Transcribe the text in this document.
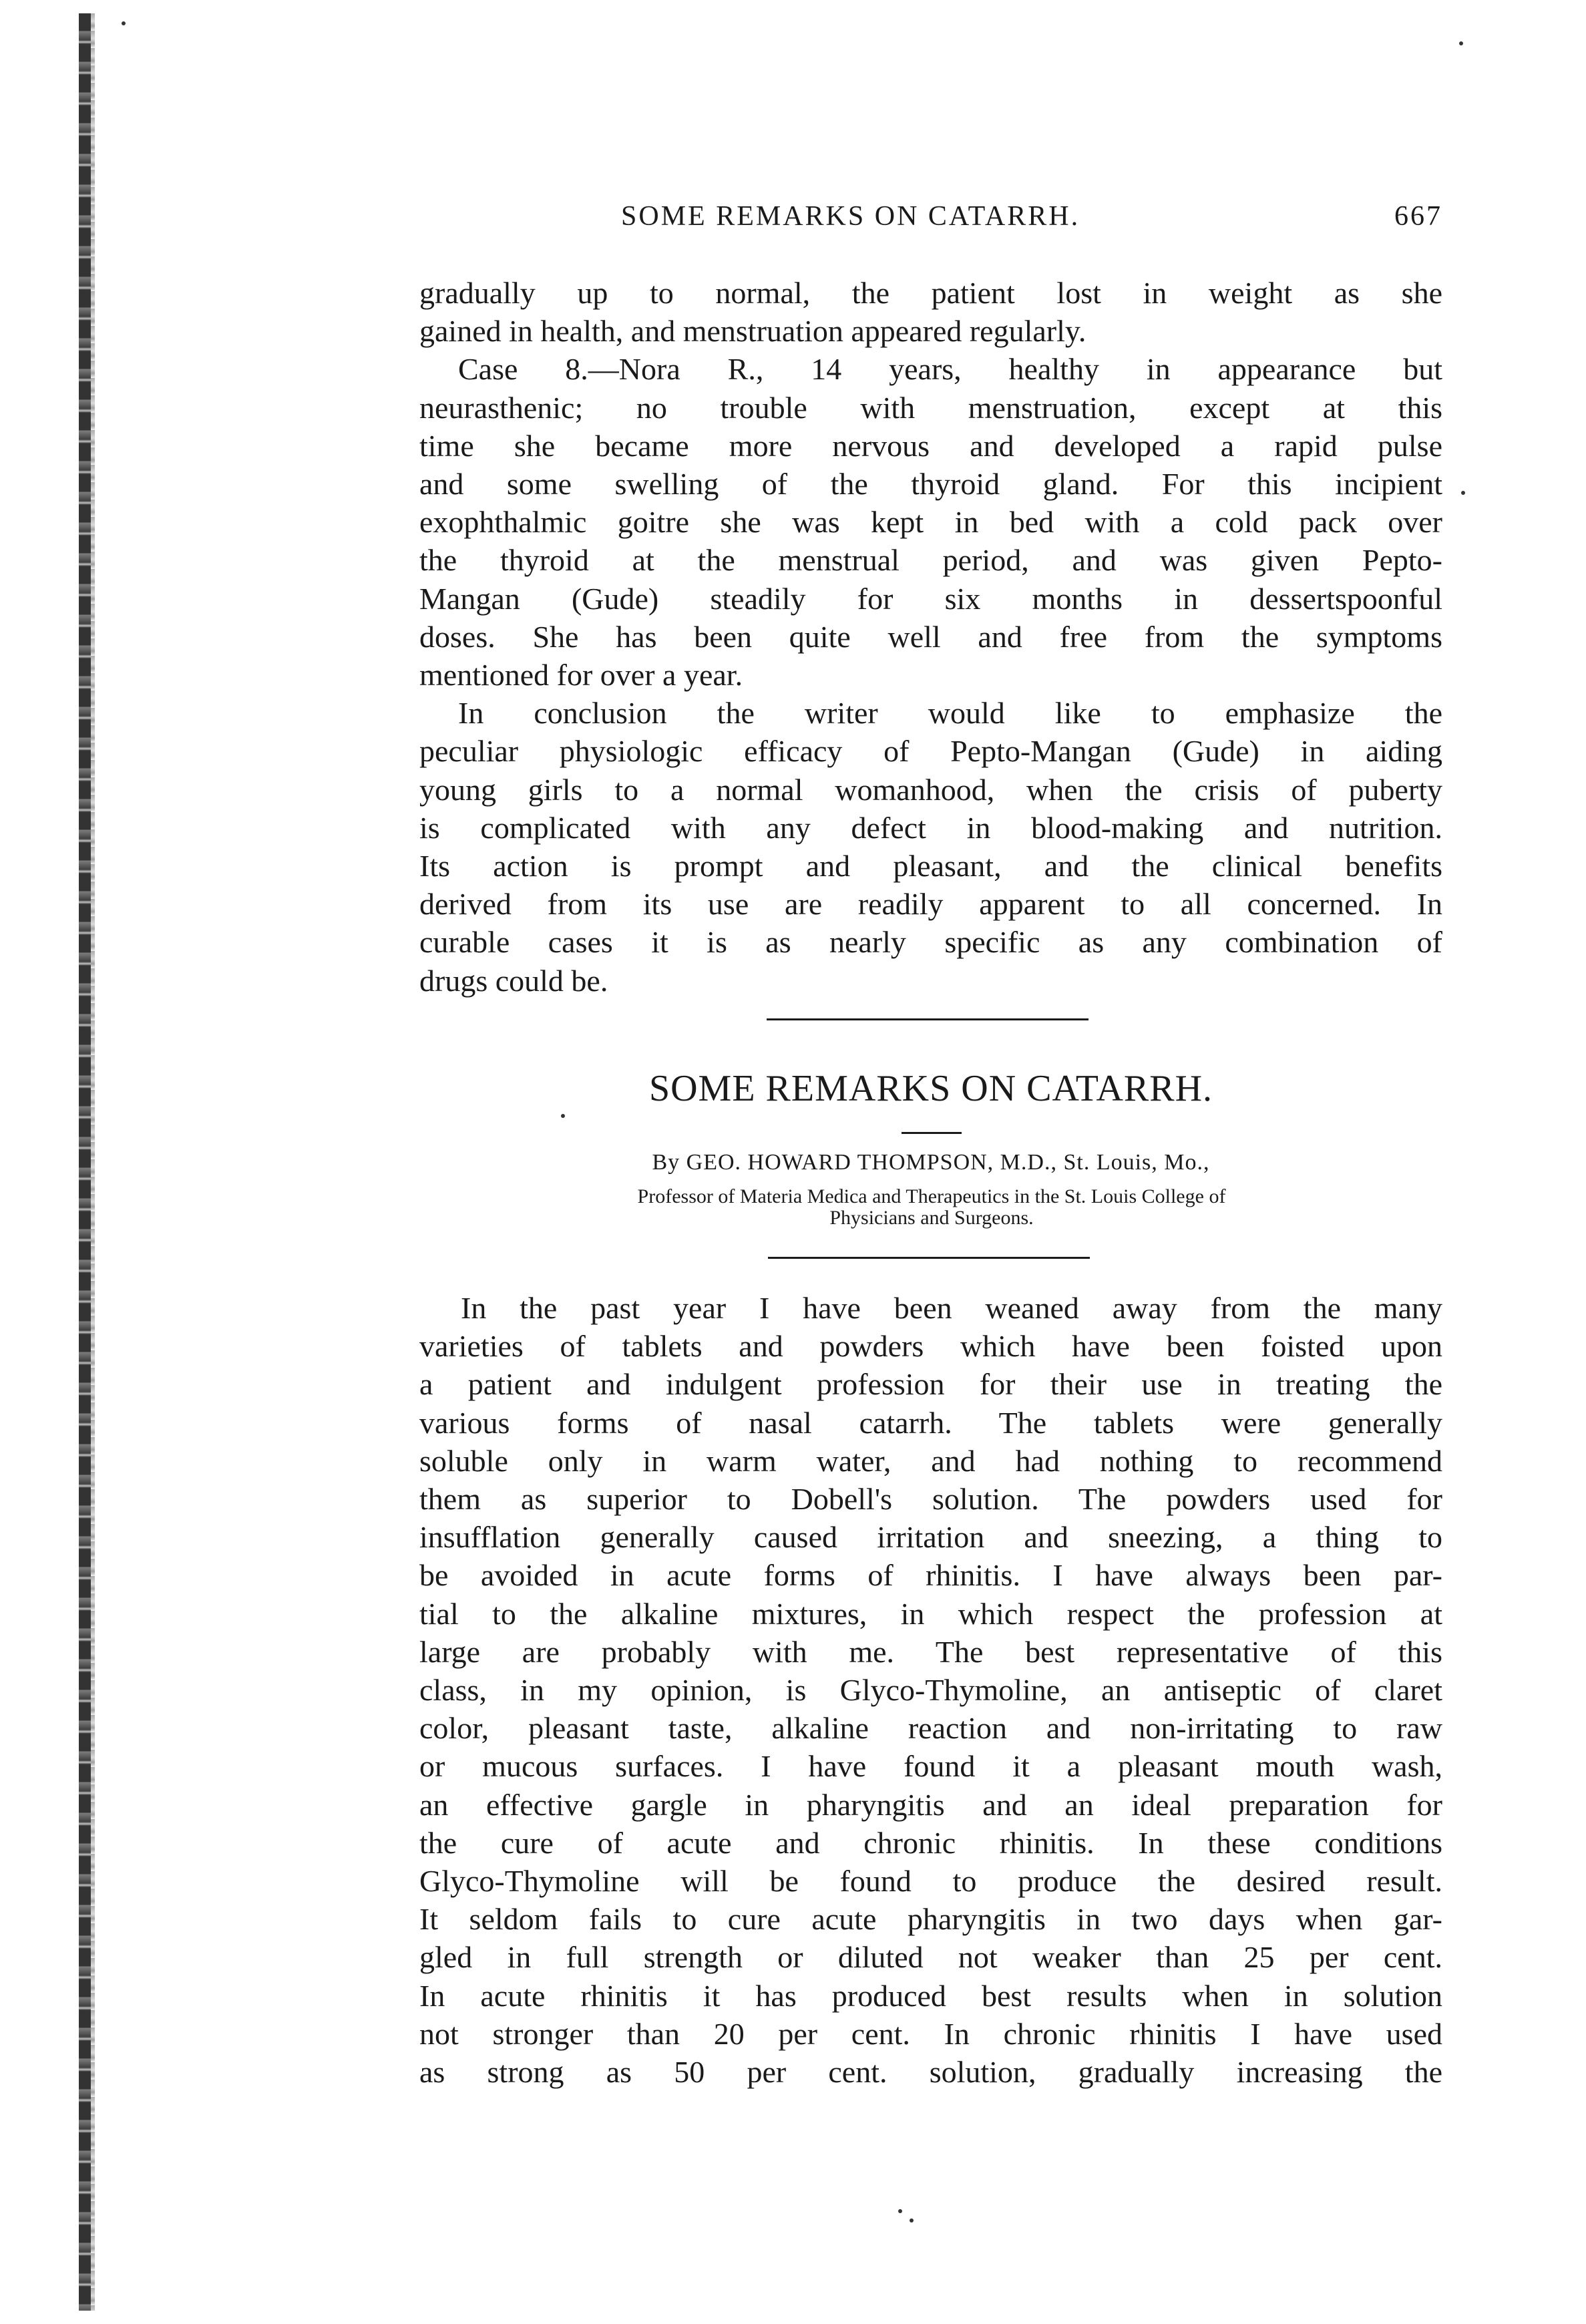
SOME REMARKS ON CATARRH.	667
gradually up to normal, the patient lost in weight as she
gained in health, and menstruation appeared regularly.
Case 8.—Nora R., 14 years, healthy in appearance but
neurasthenic; no trouble with menstruation, except at this
time she became more nervous and developed a rapid pulse
and some swelling of the thyroid gland. For this incipient
exophthalmic goitre she was kept in bed with a cold pack over
the thyroid at the menstrual period, and was given Pepto-
Mangan (Gude) steadily for six months in dessertspoonful
doses. She has been quite well and free from the symptoms
mentioned for over a year.
In conclusion the writer would like to emphasize the
peculiar physiologic efficacy of Pepto-Mangan (Gude) in aiding
young girls to a normal womanhood, when the crisis of puberty
is complicated with any defect in blood-making and nutrition.
Its action is prompt and pleasant, and the clinical benefits
derived from its use are readily apparent to all concerned. In
curable cases it is as nearly specific as any combination of
drugs could be.
SOME REMARKS ON CATARRH.
By GEO. HOWARD THOMPSON, M.D., St. Louis, Mo.,
Professor of Materia Medica and Therapeutics in the St. Louis College of
Physicians and Surgeons.
In the past year I have been weaned away from the many
varieties of tablets and powders which have been foisted upon
a patient and indulgent profession for their use in treating the
various forms of nasal catarrh. The tablets were generally
soluble only in warm water, and had nothing to recommend
them as superior to Dobell's solution. The powders used for
insufflation generally caused irritation and sneezing, a thing to
be avoided in acute forms of rhinitis. I have always been par-
tial to the alkaline mixtures, in which respect the profession at
large are probably with me. The best representative of this
class, in my opinion, is Glyco-Thymoline, an antiseptic of claret
color, pleasant taste, alkaline reaction and non-irritating to raw
or mucous surfaces. I have found it a pleasant mouth wash,
an effective gargle in pharyngitis and an ideal preparation for
the cure of acute and chronic rhinitis. In these conditions
Glyco-Thymoline will be found to produce the desired result.
It seldom fails to cure acute pharyngitis in two days when gar-
gled in full strength or diluted not weaker than 25 per cent.
In acute rhinitis it has produced best results when in solution
not stronger than 20 per cent. In chronic rhinitis I have used
as strong as 50 per cent. solution, gradually increasing the
